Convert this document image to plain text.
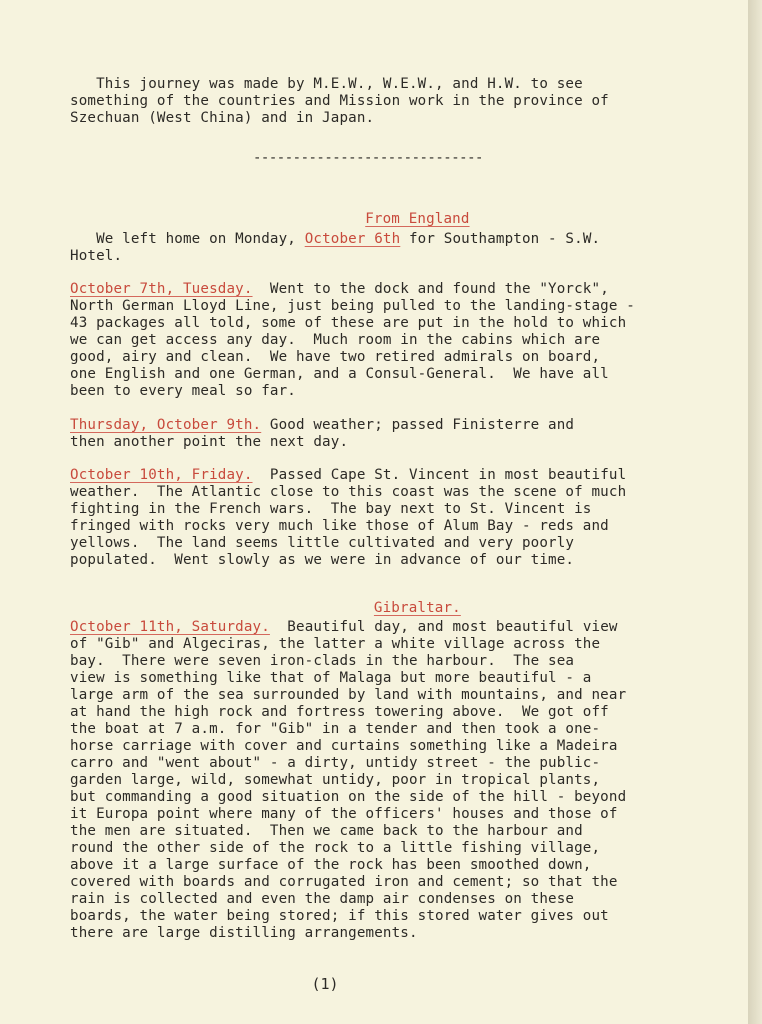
This journey was made by M.E.W., W.E.W., and H.W. to see
something of the countries and Mission work in the province of
Szechuan (West China) and in Japan.
-----------------------------

From England

We left home on Monday, October 6th for Southampton - S.W.
Hotel.
October 7th, Tuesday.  Went to the dock and found the "Yorck",
North German Lloyd Line, just being pulled to the landing-stage -
43 packages all told, some of these are put in the hold to which
we can get access any day.  Much room in the cabins which are
good, airy and clean.  We have two retired admirals on board,
one English and one German, and a Consul-General.  We have all
been to every meal so far.
Thursday, October 9th. Good weather; passed Finisterre and
then another point the next day.
October 10th, Friday.  Passed Cape St. Vincent in most beautiful
weather.  The Atlantic close to this coast was the scene of much
fighting in the French wars.  The bay next to St. Vincent is
fringed with rocks very much like those of Alum Bay - reds and
yellows.  The land seems little cultivated and very poorly
populated.  Went slowly as we were in advance of our time.

Gibraltar.

October 11th, Saturday.  Beautiful day, and most beautiful view
of "Gib" and Algeciras, the latter a white village across the
bay.  There were seven iron-clads in the harbour.  The sea
view is something like that of Malaga but more beautiful - a
large arm of the sea surrounded by land with mountains, and near
at hand the high rock and fortress towering above.  We got off
the boat at 7 a.m. for "Gib" in a tender and then took a one-
horse carriage with cover and curtains something like a Madeira
carro and "went about" - a dirty, untidy street - the public-
garden large, wild, somewhat untidy, poor in tropical plants,
but commanding a good situation on the side of the hill - beyond
it Europa point where many of the officers' houses and those of
the men are situated.  Then we came back to the harbour and
round the other side of the rock to a little fishing village,
above it a large surface of the rock has been smoothed down,
covered with boards and corrugated iron and cement; so that the
rain is collected and even the damp air condenses on these
boards, the water being stored; if this stored water gives out
there are large distilling arrangements.
(1)
